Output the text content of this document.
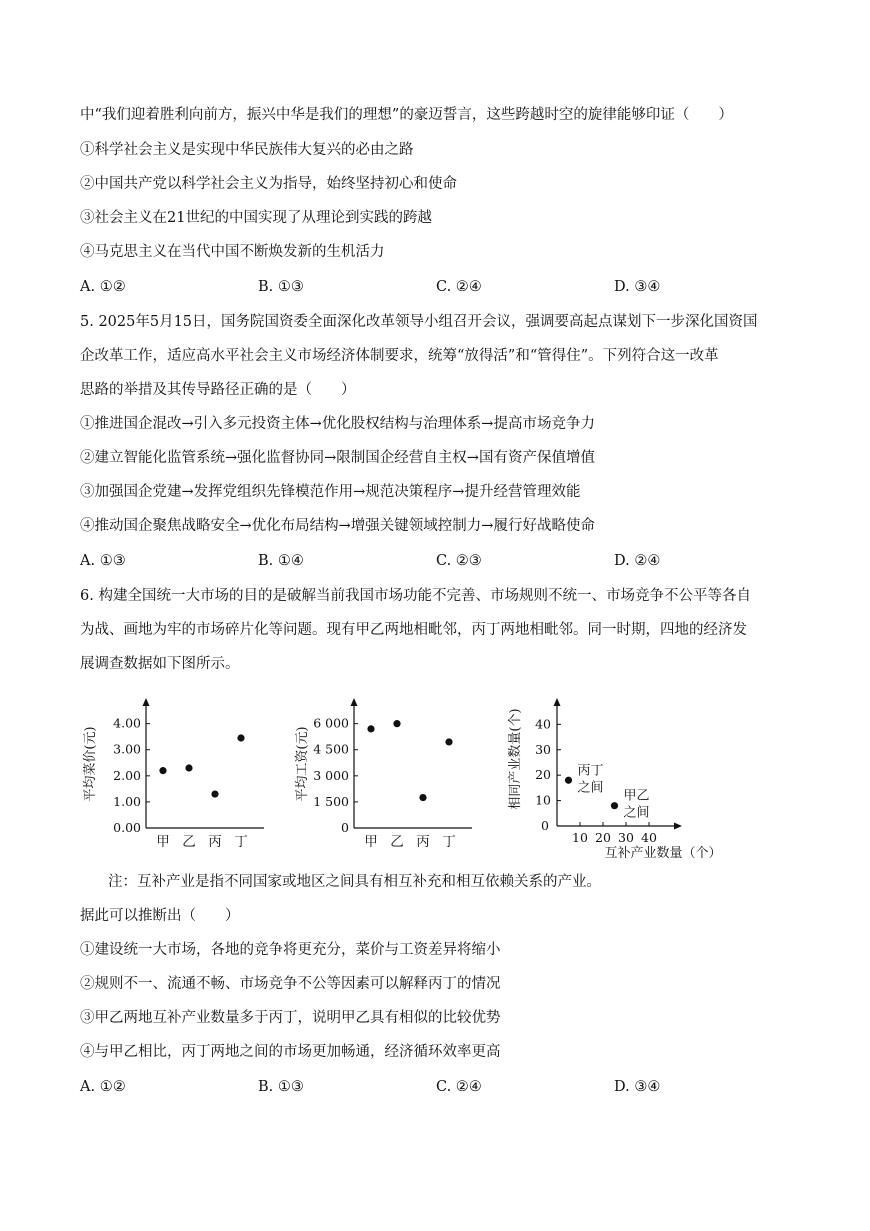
中“我们迎着胜利向前方，振兴中华是我们的理想”的豪迈誓言，这些跨越时空的旋律能够印证（　　）
①科学社会主义是实现中华民族伟大复兴的必由之路
②中国共产党以科学社会主义为指导，始终坚持初心和使命
③社会主义在21世纪的中国实现了从理论到实践的跨越
④马克思主义在当代中国不断焕发新的生机活力
A. ①②	B. ①③	C. ②④	D. ③④
5. 2025年5月15日，国务院国资委全面深化改革领导小组召开会议，强调要高起点谋划下一步深化国资国
企改革工作，适应高水平社会主义市场经济体制要求，统筹“放得活”和“管得住”。下列符合这一改革
思路的举措及其传导路径正确的是（　　）
①推进国企混改→引入多元投资主体→优化股权结构与治理体系→提高市场竞争力
②建立智能化监管系统→强化监督协同→限制国企经营自主权→国有资产保值增值
③加强国企党建→发挥党组织先锋模范作用→规范决策程序→提升经营管理效能
④推动国企聚焦战略安全→优化布局结构→增强关键领域控制力→履行好战略使命
A. ①③	B. ①④	C. ②③	D. ②④
6. 构建全国统一大市场的目的是破解当前我国市场功能不完善、市场规则不统一、市场竞争不公平等各自
为战、画地为牢的市场碎片化等问题。现有甲乙两地相毗邻，丙丁两地相毗邻。同一时期，四地的经济发
展调查数据如下图所示。
0.00
1.00
2.00
3.00
4.00
平均菜价(元)
甲 乙 丙 丁
0
1 500
3 000
4 500
6 000
平均工资(元)
甲 乙 丙 丁
10
20
30
40
0
10 20 30 40
互补产业数量（个）
相同产业数量(个)	丙丁
之间
甲乙
之间
注：互补产业是指不同国家或地区之间具有相互补充和相互依赖关系的产业。
据此可以推断出（　　）
①建设统一大市场，各地的竞争将更充分，菜价与工资差异将缩小
②规则不一、流通不畅、市场竞争不公等因素可以解释丙丁的情况
③甲乙两地互补产业数量多于丙丁，说明甲乙具有相似的比较优势
④与甲乙相比，丙丁两地之间的市场更加畅通，经济循环效率更高
A. ①②	B. ①③	C. ②④	D. ③④
